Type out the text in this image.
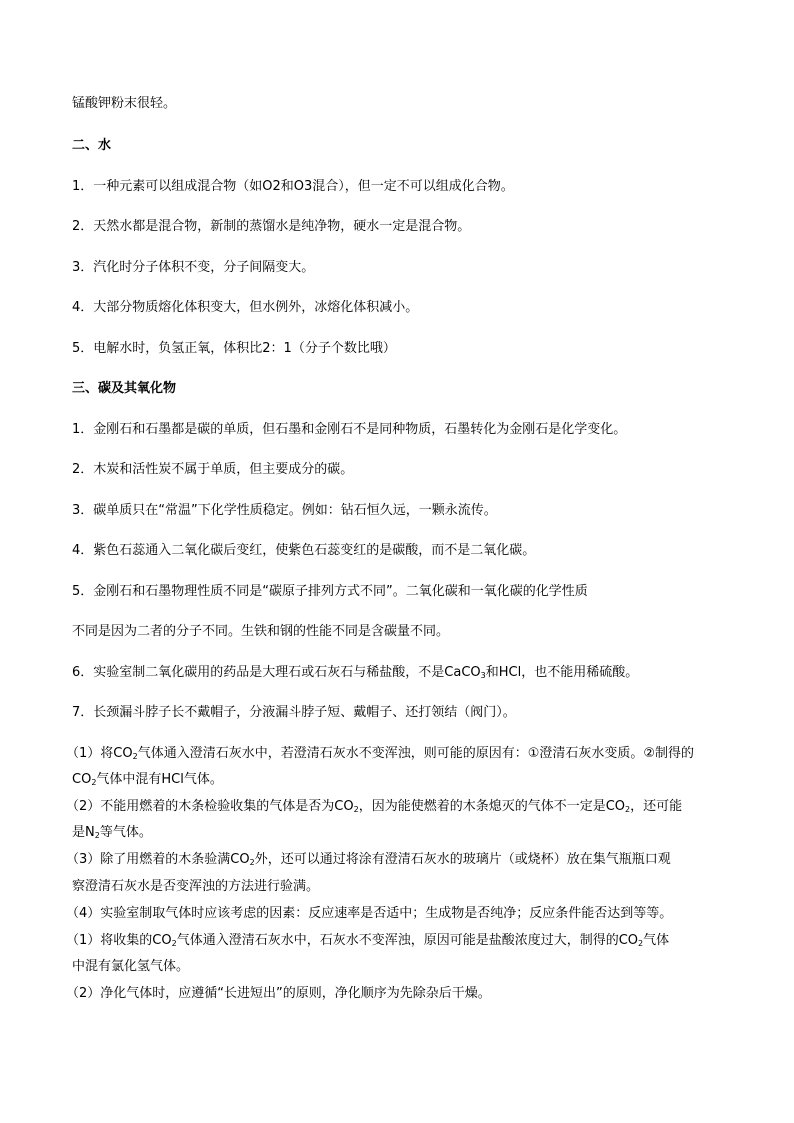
锰酸钾粉末很轻。
二、水
1．一种元素可以组成混合物（如O2和O3混合），但一定不可以组成化合物。
2．天然水都是混合物，新制的蒸馏水是纯净物，硬水一定是混合物。
3．汽化时分子体积不变，分子间隔变大。
4．大部分物质熔化体积变大，但水例外，冰熔化体积减小。
5．电解水时，负氢正氧，体积比2：1（分子个数比哦）
三、碳及其氧化物
1．金刚石和石墨都是碳的单质，但石墨和金刚石不是同种物质，石墨转化为金刚石是化学变化。
2．木炭和活性炭不属于单质，但主要成分的碳。
3．碳单质只在“常温”下化学性质稳定。例如：钻石恒久远，一颗永流传。
4．紫色石蕊通入二氧化碳后变红，使紫色石蕊变红的是碳酸，而不是二氧化碳。
5．金刚石和石墨物理性质不同是“碳原子排列方式不同”。二氧化碳和一氧化碳的化学性质
不同是因为二者的分子不同。生铁和钢的性能不同是含碳量不同。
6．实验室制二氧化碳用的药品是大理石或石灰石与稀盐酸，不是CaCO$_3$和HCl，也不能用稀硫酸。
7．长颈漏斗脖子长不戴帽子，分液漏斗脖子短、戴帽子、还打领结（阀门）。
（1）将$CO_2$气体通入澄清石灰水中，若澄清石灰水不变浑浊，则可能的原因有：①澄清石灰水变质。②制得的
$CO_2$气体中混有HCl气体。
（2）不能用燃着的木条检验收集的气体是否为$CO_2$，因为能使燃着的木条熄灭的气体不一定是$CO_2$，还可能
是$N_2$等气体。
（3）除了用燃着的木条验满$CO_2$外，还可以通过将涂有澄清石灰水的玻璃片（或烧杯）放在集气瓶瓶口观
察澄清石灰水是否变浑浊的方法进行验满。
（4）实验室制取气体时应该考虑的因素：反应速率是否适中；生成物是否纯净；反应条件能否达到等等。
（1）将收集的$CO_2$气体通入澄清石灰水中，石灰水不变浑浊，原因可能是盐酸浓度过大，制得的$CO_2$气体
中混有氯化氢气体。
（2）净化气体时，应遵循“长进短出”的原则，净化顺序为先除杂后干燥。
